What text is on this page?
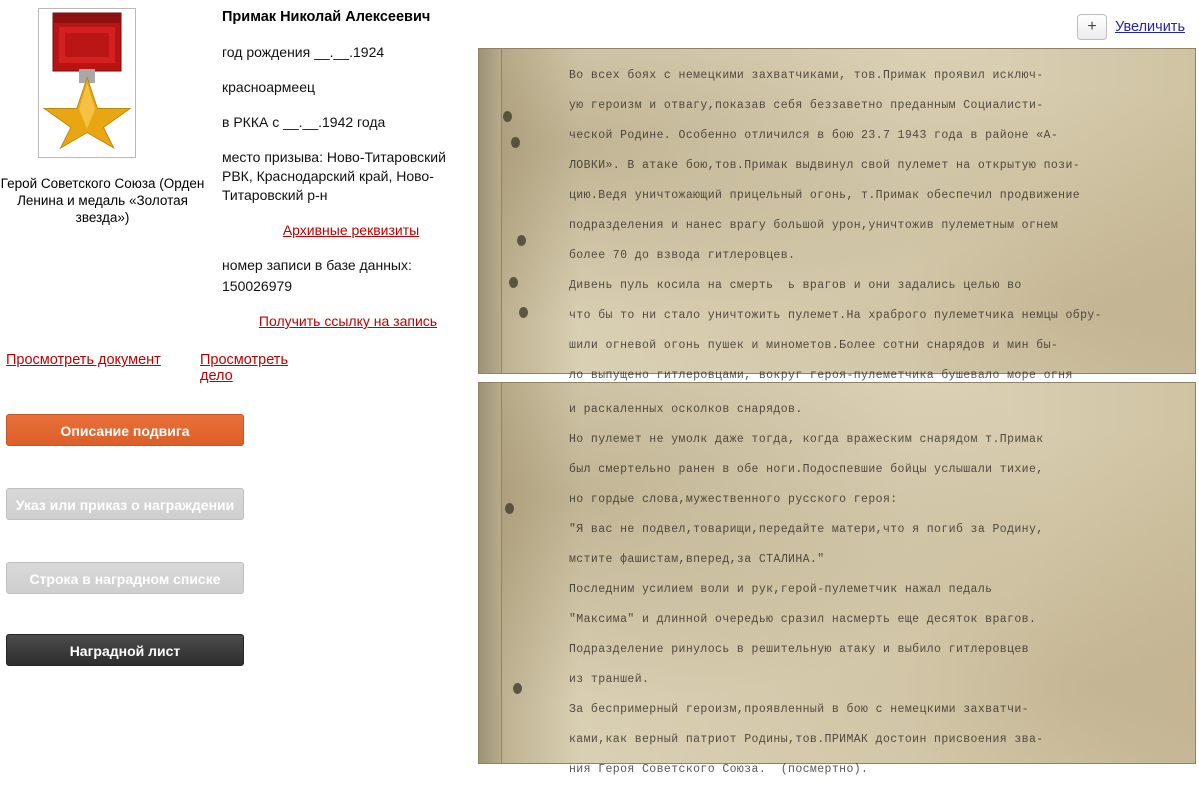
Герой Советского Союза (Орден Ленина и медаль «Золотая звезда»)
Просмотреть документ	Просмотреть дело
Описание подвига
Указ или приказ о награждении
Строка в наградном списке
Наградной лист
Примак Николай Алексеевич
год рождения __.__.1924
красноармеец
в РККА с __.__.1942 года
место призыва: Ново-Титаровский РВК, Краснодарский край, Ново-Титаровский р-н
Архивные реквизиты
номер записи в базе данных:
150026979
Получить ссылку на запись
+	Увеличить
Во всех боях с немецкими захватчиками, тов.Примак проявил исключ-
ую героизм и отвагу,показав себя беззаветно преданным Социалисти-
ческой Родине. Особенно отличился в бою 23.7 1943 года в районе «А-
ЛОВКИ». В атаке бою,тов.Примак выдвинул свой пулемет на открытую пози-
цию.Ведя уничтожающий прицельный огонь, т.Примак обеспечил продвижение
подразделения и нанес врагу большой урон,уничтожив пулеметным огнем
более 70 до взвода гитлеровцев.
Дивень пуль косила на смерть  ь врагов и они задались целью во
что бы то ни стало уничтожить пулемет.На храброго пулеметчика немцы обру-
шили огневой огонь пушек и минометов.Более сотни снарядов и мин бы-
ло выпущено гитлеровцами, вокруг героя-пулеметчика бушевало море огня
и раскаленных осколков снарядов.
Но пулемет не умолк даже тогда, когда вражеским снарядом т.Примак
был смертельно ранен в обе ноги.Подоспевшие бойцы услышали тихие,
но гордые слова,мужественного русского героя:
"Я вас не подвел,товарищи,передайте матери,что я погиб за Родину,
мстите фашистам,вперед,за СТАЛИНА."
Последним усилием воли и рук,герой-пулеметчик нажал педаль
"Максима" и длинной очередью сразил насмерть еще десяток врагов.
Подразделение ринулось в решительную атаку и выбило гитлеровцев
из траншей.
За беспримерный героизм,проявленный в бою с немецкими захватчи-
ками,как верный патриот Родины,тов.ПРИМАК достоин присвоения зва-
ния Героя Советского Союза.  (посмертно).
